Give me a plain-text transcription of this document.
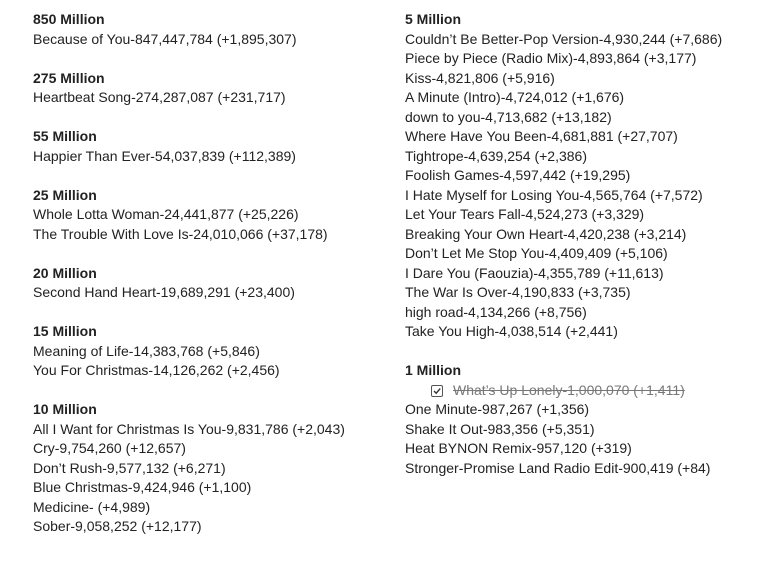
850 Million
Because of You-847,447,784 (+1,895,307)
275 Million
Heartbeat Song-274,287,087 (+231,717)
55 Million
Happier Than Ever-54,037,839 (+112,389)
25 Million
Whole Lotta Woman-24,441,877 (+25,226)
The Trouble With Love Is-24,010,066 (+37,178)
20 Million
Second Hand Heart-19,689,291 (+23,400)
15 Million
Meaning of Life-14,383,768 (+5,846)
You For Christmas-14,126,262 (+2,456)
10 Million
All I Want for Christmas Is You-9,831,786 (+2,043)
Cry-9,754,260 (+12,657)
Don’t Rush-9,577,132 (+6,271)
Blue Christmas-9,424,946 (+1,100)
Medicine- (+4,989)
Sober-9,058,252 (+12,177)
5 Million
Couldn’t Be Better-Pop Version-4,930,244 (+7,686)
Piece by Piece (Radio Mix)-4,893,864 (+3,177)
Kiss-4,821,806 (+5,916)
A Minute (Intro)-4,724,012 (+1,676)
down to you-4,713,682 (+13,182)
Where Have You Been-4,681,881 (+27,707)
Tightrope-4,639,254 (+2,386)
Foolish Games-4,597,442 (+19,295)
I Hate Myself for Losing You-4,565,764 (+7,572)
Let Your Tears Fall-4,524,273 (+3,329)
Breaking Your Own Heart-4,420,238 (+3,214)
Don’t Let Me Stop You-4,409,409 (+5,106)
I Dare You (Faouzia)-4,355,789 (+11,613)
The War Is Over-4,190,833 (+3,735)
high road-4,134,266 (+8,756)
Take You High-4,038,514 (+2,441)
1 Million
What’s Up Lonely-1,000,070 (+1,411)
One Minute-987,267 (+1,356)
Shake It Out-983,356 (+5,351)
Heat BYNON Remix-957,120 (+319)
Stronger-Promise Land Radio Edit-900,419 (+84)
